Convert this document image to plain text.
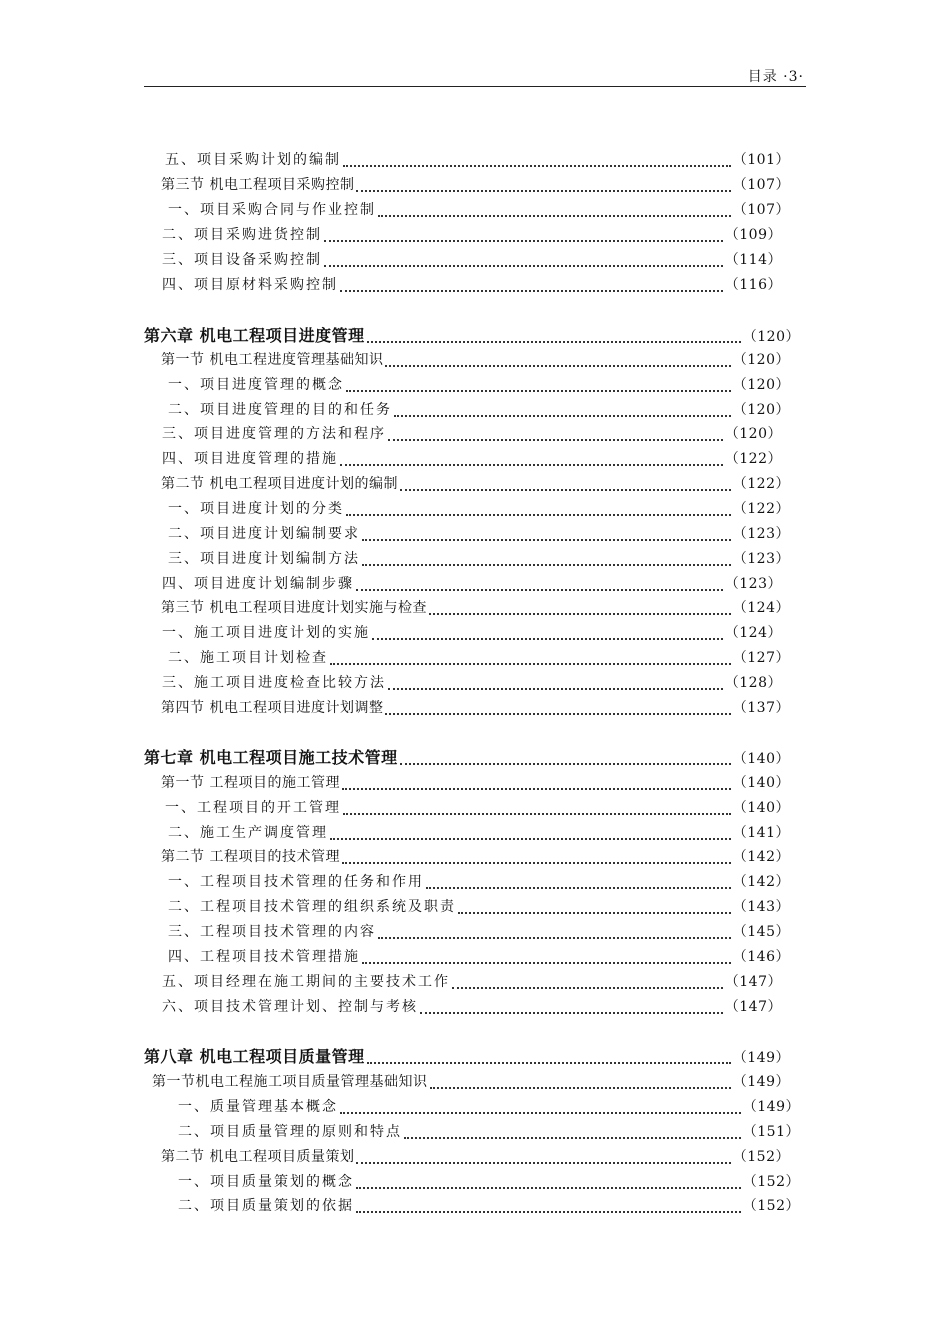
目录 ·3·
五、项目采购计划的编制	（101）
第三节 机电工程项目采购控制	（107）
一、项目采购合同与作业控制	（107）
二、项目采购进货控制	（109）
三、项目设备采购控制	（114）
四、项目原材料采购控制	（116）
第六章 机电工程项目进度管理	（120）
第一节 机电工程进度管理基础知识	（120）
一、项目进度管理的概念	（120）
二、项目进度管理的目的和任务	（120）
三、项目进度管理的方法和程序	（120）
四、项目进度管理的措施	（122）
第二节 机电工程项目进度计划的编制	（122）
一、项目进度计划的分类	（122）
二、项目进度计划编制要求	（123）
三、项目进度计划编制方法	（123）
四、项目进度计划编制步骤	（123）
第三节 机电工程项目进度计划实施与检查	（124）
一、施工项目进度计划的实施	（124）
二、施工项目计划检查	（127）
三、施工项目进度检查比较方法	（128）
第四节 机电工程项目进度计划调整	（137）
第七章 机电工程项目施工技术管理	（140）
第一节 工程项目的施工管理	（140）
一、工程项目的开工管理	（140）
二、施工生产调度管理	（141）
第二节 工程项目的技术管理	（142）
一、工程项目技术管理的任务和作用	（142）
二、工程项目技术管理的组织系统及职责	（143）
三、工程项目技术管理的内容	（145）
四、工程项目技术管理措施	（146）
五、项目经理在施工期间的主要技术工作	（147）
六、项目技术管理计划、控制与考核	（147）
第八章 机电工程项目质量管理	（149）
第一节机电工程施工项目质量管理基础知识	（149）
一、质量管理基本概念	（149）
二、项目质量管理的原则和特点	（151）
第二节 机电工程项目质量策划	（152）
一、项目质量策划的概念	（152）
二、项目质量策划的依据	（152）
